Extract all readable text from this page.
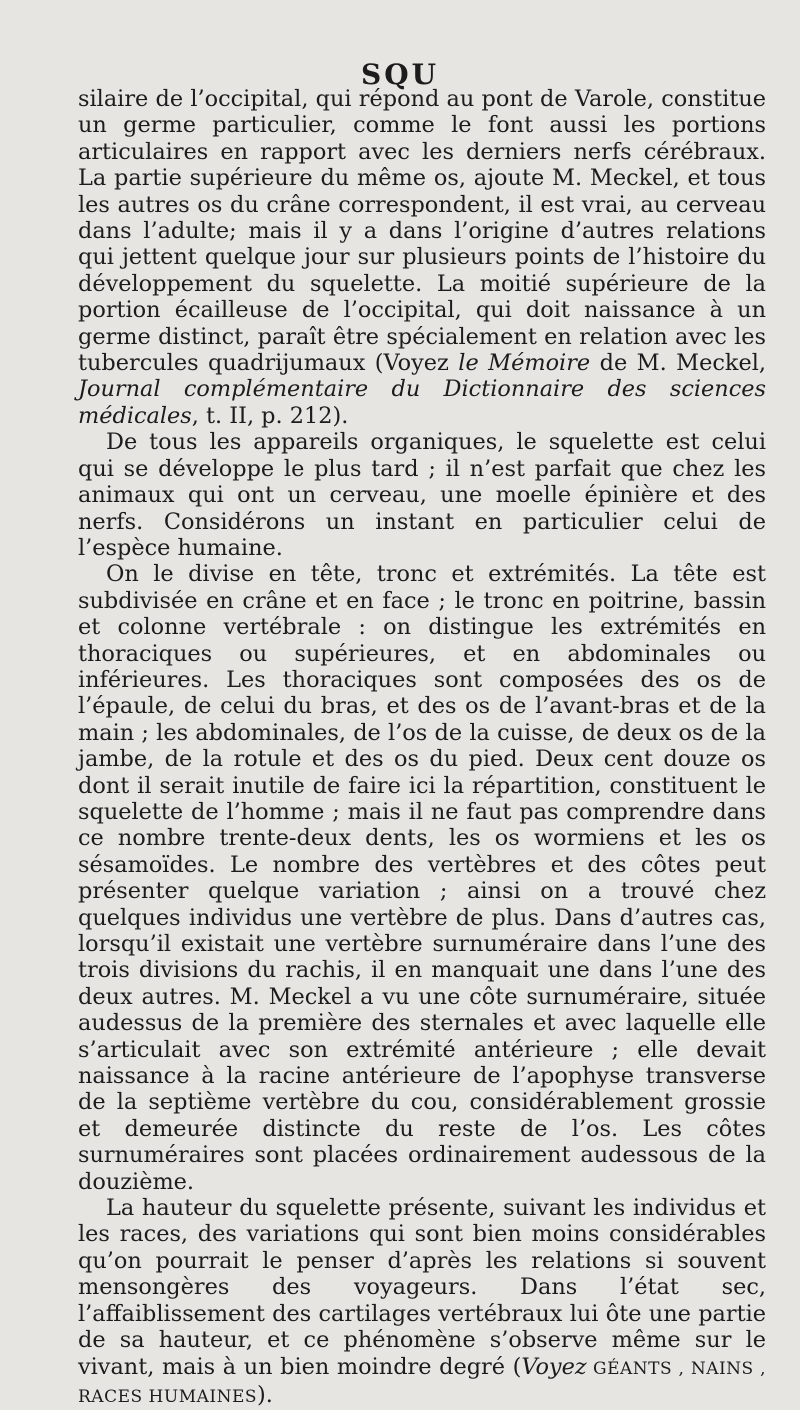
SQU

silaire de l’occipital, qui répond au pont de Varole, constitue un germe particulier, comme le font aussi les portions articulaires en rapport avec les derniers nerfs cérébraux. La partie supérieure du même os, ajoute M. Meckel, et tous les autres os du crâne correspondent, il est vrai, au cerveau dans l’adulte; mais il y a dans l’origine d’autres relations qui jettent quelque jour sur plusieurs points de l’histoire du développement du squelette. La moitié supérieure de la portion écailleuse de l’occipital, qui doit naissance à un germe distinct, paraît être spécialement en relation avec les tubercules quadrijumaux (Voyez le Mémoire de M. Meckel, Journal complémentaire du Dictionnaire des sciences médicales, t. II, p. 212).

De tous les appareils organiques, le squelette est celui qui se développe le plus tard ; il n’est parfait que chez les animaux qui ont un cerveau, une moelle épinière et des nerfs. Considérons un instant en particulier celui de l’espèce humaine.

On le divise en tête, tronc et extrémités. La tête est subdivisée en crâne et en face ; le tronc en poitrine, bassin et colonne vertébrale : on distingue les extrémités en thoraciques ou supérieures, et en abdominales ou inférieures. Les thoraciques sont composées des os de l’épaule, de celui du bras, et des os de l’avant-bras et de la main ; les abdominales, de l’os de la cuisse, de deux os de la jambe, de la rotule et des os du pied. Deux cent douze os dont il serait inutile de faire ici la répartition, constituent le squelette de l’homme ; mais il ne faut pas comprendre dans ce nombre trente-deux dents, les os wormiens et les os sésamoïdes. Le nombre des vertèbres et des côtes peut présenter quelque variation ; ainsi on a trouvé chez quelques individus une vertèbre de plus. Dans d’autres cas, lorsqu’il existait une vertèbre surnuméraire dans l’une des trois divisions du rachis, il en manquait une dans l’une des deux autres. M. Meckel a vu une côte surnuméraire, située audessus de la première des sternales et avec laquelle elle s’articulait avec son extrémité antérieure ; elle devait naissance à la racine antérieure de l’apophyse transverse de la septième vertèbre du cou, considérablement grossie et demeurée distincte du reste de l’os. Les côtes surnuméraires sont placées ordinairement audessous de la douzième.

La hauteur du squelette présente, suivant les individus et les races, des variations qui sont bien moins considérables qu’on pourrait le penser d’après les relations si souvent mensongères des voyageurs. Dans l’état sec, l’affaiblissement des cartilages vertébraux lui ôte une partie de sa hauteur, et ce phénomène s’observe même sur le vivant, mais à un bien moindre degré (Voyez GÉANTS , NAINS , RACES HUMAINES).
